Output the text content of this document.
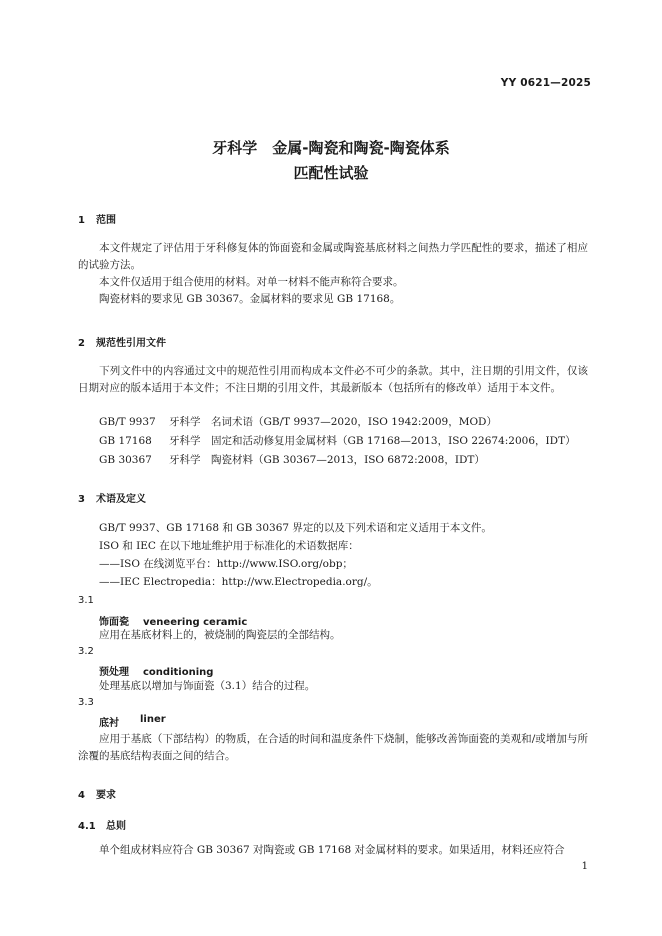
YY 0621—2025
牙科学　金属-陶瓷和陶瓷-陶瓷体系
匹配性试验
1 范围
本文件规定了评估用于牙科修复体的饰面瓷和金属或陶瓷基底材料之间热力学匹配性的要求，描述了相应的试验方法。
本文件仅适用于组合使用的材料。对单一材料不能声称符合要求。
陶瓷材料的要求见 GB 30367。金属材料的要求见 GB 17168。
2 规范性引用文件
下列文件中的内容通过文中的规范性引用而构成本文件必不可少的条款。其中，注日期的引用文件，仅该日期对应的版本适用于本文件；不注日期的引用文件，其最新版本（包括所有的修改单）适用于本文件。
GB/T 9937 牙科学　名词术语（GB/T 9937—2020，ISO 1942:2009，MOD）
GB 17168 牙科学　固定和活动修复用金属材料（GB 17168—2013，ISO 22674:2006，IDT）
GB 30367 牙科学　陶瓷材料（GB 30367—2013，ISO 6872:2008，IDT）
3 术语及定义
GB/T 9937、GB 17168 和 GB 30367 界定的以及下列术语和定义适用于本文件。
ISO 和 IEC 在以下地址维护用于标准化的术语数据库：
——ISO 在线浏览平台：http://www.ISO.org/obp；
——IEC Electropedia：http://ww.Electropedia.org/。
3.1
饰面瓷 veneering ceramic
应用在基底材料上的，被烧制的陶瓷层的全部结构。
3.2
预处理 conditioning
处理基底以增加与饰面瓷（3.1）结合的过程。
3.3
底衬 liner
应用于基底（下部结构）的物质，在合适的时间和温度条件下烧制，能够改善饰面瓷的美观和/或增加与所涂覆的基底结构表面之间的结合。
4 要求
4.1 总则
单个组成材料应符合 GB 30367 对陶瓷或 GB 17168 对金属材料的要求。如果适用，材料还应符合
1
